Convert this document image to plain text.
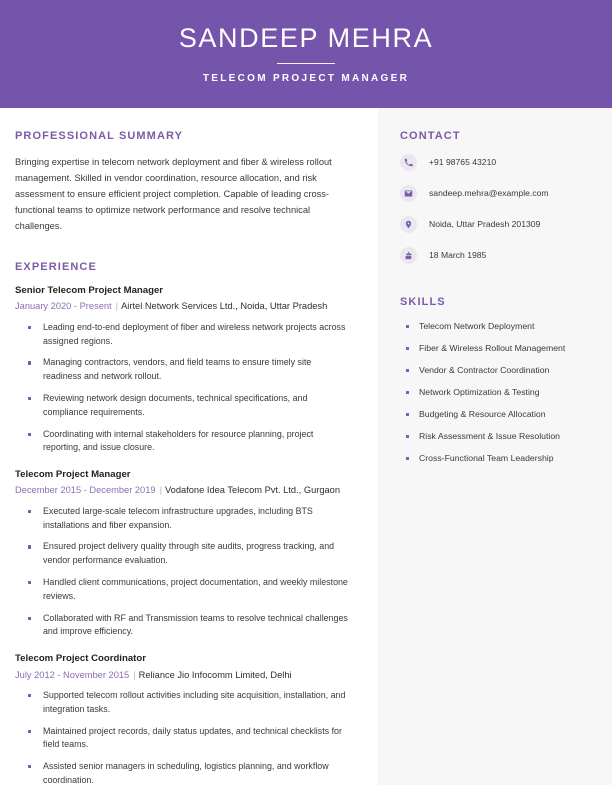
SANDEEP MEHRA
TELECOM PROJECT MANAGER
CONTACT
+91 98765 43210
sandeep.mehra@example.com
Noida, Uttar Pradesh 201309
18 March 1985
SKILLS
Telecom Network Deployment
Fiber & Wireless Rollout Management
Vendor & Contractor Coordination
Network Optimization & Testing
Budgeting & Resource Allocation
Risk Assessment & Issue Resolution
Cross-Functional Team Leadership
PROFESSIONAL SUMMARY
Bringing expertise in telecom network deployment and fiber & wireless rollout management. Skilled in vendor coordination, resource allocation, and risk assessment to ensure efficient project completion. Capable of leading cross-functional teams to optimize network performance and resolve technical challenges.
EXPERIENCE
Senior Telecom Project Manager
January 2020 - Present | Airtel Network Services Ltd., Noida, Uttar Pradesh
Leading end-to-end deployment of fiber and wireless network projects across assigned regions.
Managing contractors, vendors, and field teams to ensure timely site readiness and network rollout.
Reviewing network design documents, technical specifications, and compliance requirements.
Coordinating with internal stakeholders for resource planning, project reporting, and issue closure.
Telecom Project Manager
December 2015 - December 2019 | Vodafone Idea Telecom Pvt. Ltd., Gurgaon
Executed large-scale telecom infrastructure upgrades, including BTS installations and fiber expansion.
Ensured project delivery quality through site audits, progress tracking, and vendor performance evaluation.
Handled client communications, project documentation, and weekly milestone reviews.
Collaborated with RF and Transmission teams to resolve technical challenges and improve efficiency.
Telecom Project Coordinator
July 2012 - November 2015 | Reliance Jio Infocomm Limited, Delhi
Supported telecom rollout activities including site acquisition, installation, and integration tasks.
Maintained project records, daily status updates, and technical checklists for field teams.
Assisted senior managers in scheduling, logistics planning, and workflow coordination.
